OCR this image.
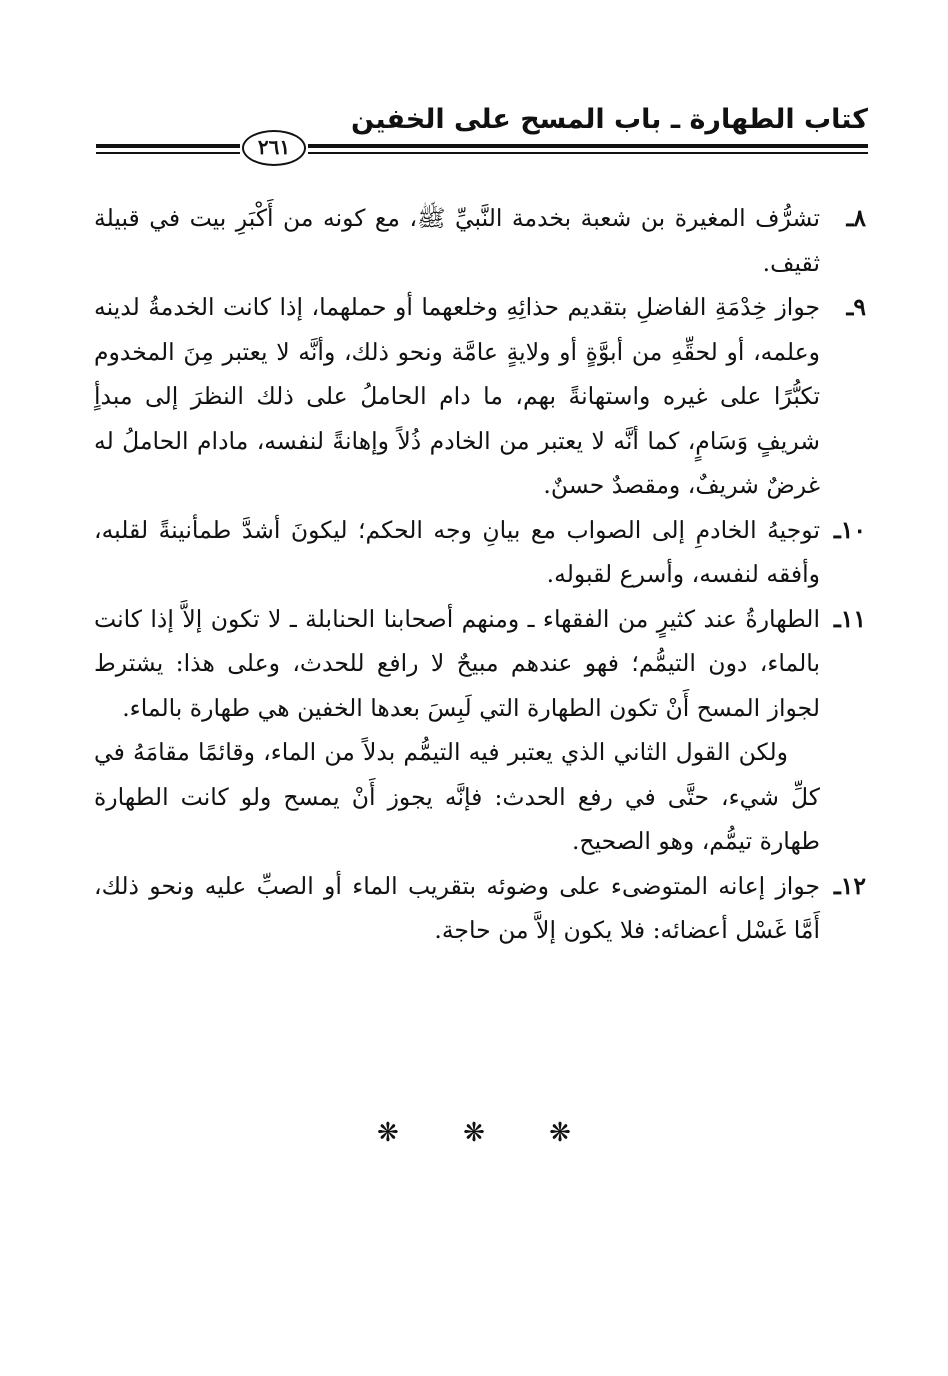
كتاب الطهارة ـ باب المسح على الخفين
٢٦١
٨ـ
تشرُّف المغيرة بن شعبة بخدمة النَّبيِّ ﷺ، مع كونه من أَكْبَرِ بيت في قبيلة ثقيف.
٩ـ
جواز خِدْمَةِ الفاضلِ بتقديم حذائِهِ وخلعهما أو حملهما، إذا كانت الخدمةُ لدينه وعلمه، أو لحقِّهِ من أبوَّةٍ أو ولايةٍ عامَّة ونحو ذلك، وأنَّه لا يعتبر مِنَ المخدوم تكبُّرًا على غيره واستهانةً بهم، ما دام الحاملُ على ذلك النظرَ إلى مبدأٍ شريفٍ وَسَامٍ، كما أنَّه لا يعتبر من الخادم ذُلاً وإهانةً لنفسه، مادام الحاملُ له غرضٌ شريفٌ، ومقصدٌ حسنٌ.
١٠ـ
توجيهُ الخادمِ إلى الصواب مع بيانِ وجه الحكم؛ ليكونَ أشدَّ طمأنينةً لقلبه، وأفقه لنفسه، وأسرع لقبوله.
١١ـ
الطهارةُ عند كثيرٍ من الفقهاء ـ ومنهم أصحابنا الحنابلة ـ لا تكون إلاَّ إذا كانت بالماء، دون التيمُّم؛ فهو عندهم مبيحٌ لا رافع للحدث، وعلى هذا: يشترط لجواز المسح أَنْ تكون الطهارة التي لَبِسَ بعدها الخفين هي طهارة بالماء.
ولكن القول الثاني الذي يعتبر فيه التيمُّم بدلاً من الماء، وقائمًا مقامَهُ في كلِّ شيء، حتَّى في رفع الحدث: فإنَّه يجوز أَنْ يمسح ولو كانت الطهارة طهارة تيمُّم، وهو الصحيح.
١٢ـ
جواز إعانه المتوضىء على وضوئه بتقريب الماء أو الصبِّ عليه ونحو ذلك، أَمَّا غَسْل أعضائه: فلا يكون إلاَّ من حاجة.
❋ ❋ ❋
